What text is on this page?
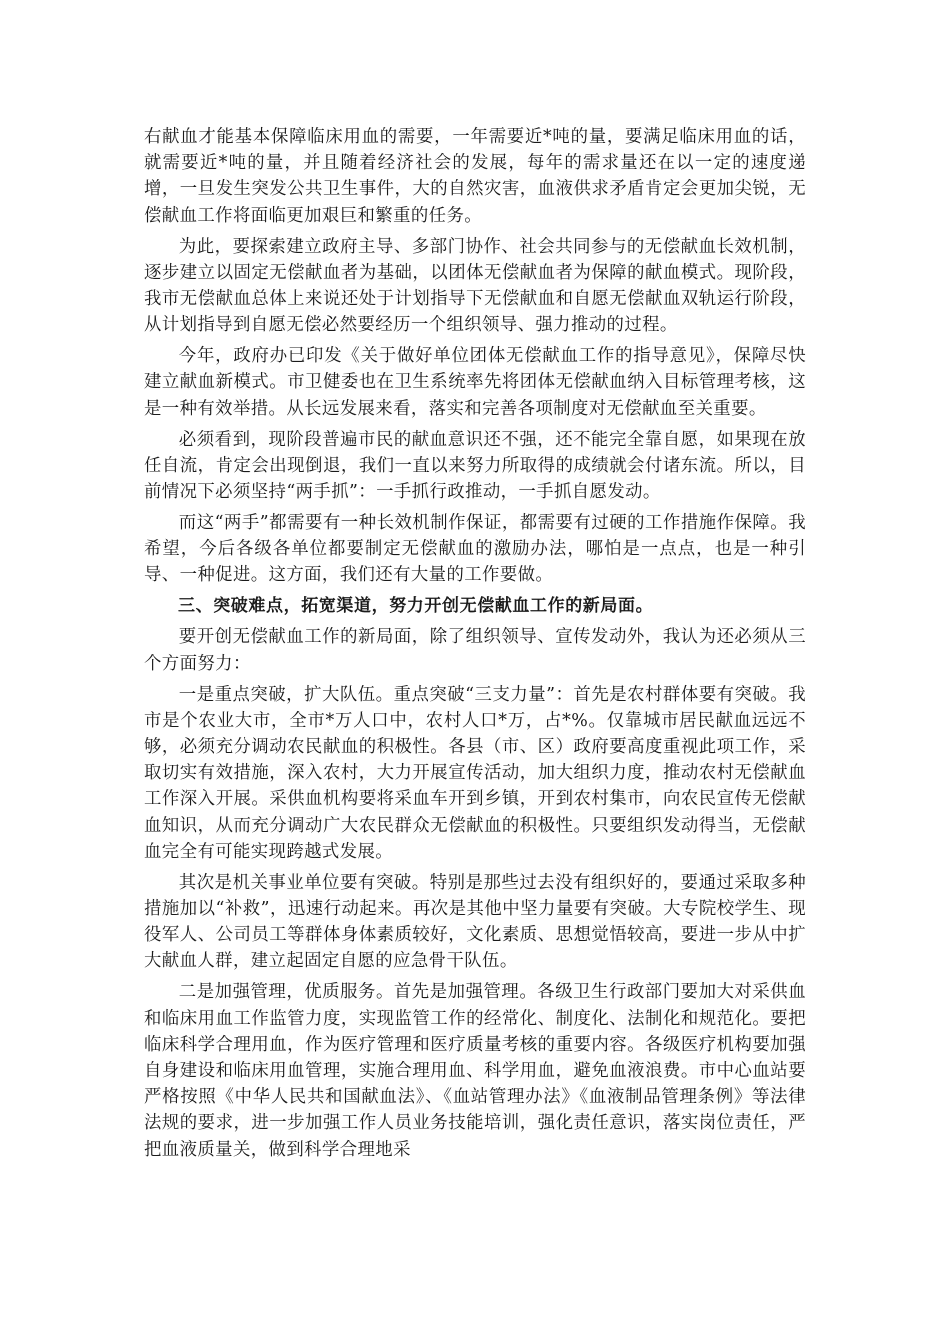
右献血才能基本保障临床用血的需要，一年需要近*吨的量，要满足临床用血的话，就需要近*吨的量，并且随着经济社会的发展，每年的需求量还在以一定的速度递增，一旦发生突发公共卫生事件，大的自然灾害，血液供求矛盾肯定会更加尖锐，无偿献血工作将面临更加艰巨和繁重的任务。

为此，要探索建立政府主导、多部门协作、社会共同参与的无偿献血长效机制，逐步建立以固定无偿献血者为基础，以团体无偿献血者为保障的献血模式。现阶段，我市无偿献血总体上来说还处于计划指导下无偿献血和自愿无偿献血双轨运行阶段，从计划指导到自愿无偿必然要经历一个组织领导、强力推动的过程。

今年，政府办已印发《关于做好单位团体无偿献血工作的指导意见》，保障尽快建立献血新模式。市卫健委也在卫生系统率先将团体无偿献血纳入目标管理考核，这是一种有效举措。从长远发展来看，落实和完善各项制度对无偿献血至关重要。

必须看到，现阶段普遍市民的献血意识还不强，还不能完全靠自愿，如果现在放任自流，肯定会出现倒退，我们一直以来努力所取得的成绩就会付诸东流。所以，目前情况下必须坚持“两手抓”：一手抓行政推动，一手抓自愿发动。

而这“两手”都需要有一种长效机制作保证，都需要有过硬的工作措施作保障。我希望，今后各级各单位都要制定无偿献血的激励办法，哪怕是一点点，也是一种引导、一种促进。这方面，我们还有大量的工作要做。

三、突破难点，拓宽渠道，努力开创无偿献血工作的新局面。

要开创无偿献血工作的新局面，除了组织领导、宣传发动外，我认为还必须从三个方面努力：

一是重点突破，扩大队伍。重点突破“三支力量”：首先是农村群体要有突破。我市是个农业大市，全市*万人口中，农村人口*万，占*%。仅靠城市居民献血远远不够，必须充分调动农民献血的积极性。各县（市、区）政府要高度重视此项工作，采取切实有效措施，深入农村，大力开展宣传活动，加大组织力度，推动农村无偿献血工作深入开展。采供血机构要将采血车开到乡镇，开到农村集市，向农民宣传无偿献血知识，从而充分调动广大农民群众无偿献血的积极性。只要组织发动得当，无偿献血完全有可能实现跨越式发展。

其次是机关事业单位要有突破。特别是那些过去没有组织好的，要通过采取多种措施加以“补救”，迅速行动起来。再次是其他中坚力量要有突破。大专院校学生、现役军人、公司员工等群体身体素质较好，文化素质、思想觉悟较高，要进一步从中扩大献血人群，建立起固定自愿的应急骨干队伍。

二是加强管理，优质服务。首先是加强管理。各级卫生行政部门要加大对采供血和临床用血工作监管力度，实现监管工作的经常化、制度化、法制化和规范化。要把临床科学合理用血，作为医疗管理和医疗质量考核的重要内容。各级医疗机构要加强自身建设和临床用血管理，实施合理用血、科学用血，避免血液浪费。市中心血站要严格按照《中华人民共和国献血法》、《血站管理办法》《血液制品管理条例》等法律法规的要求，进一步加强工作人员业务技能培训，强化责任意识，落实岗位责任，严把血液质量关，做到科学合理地采
